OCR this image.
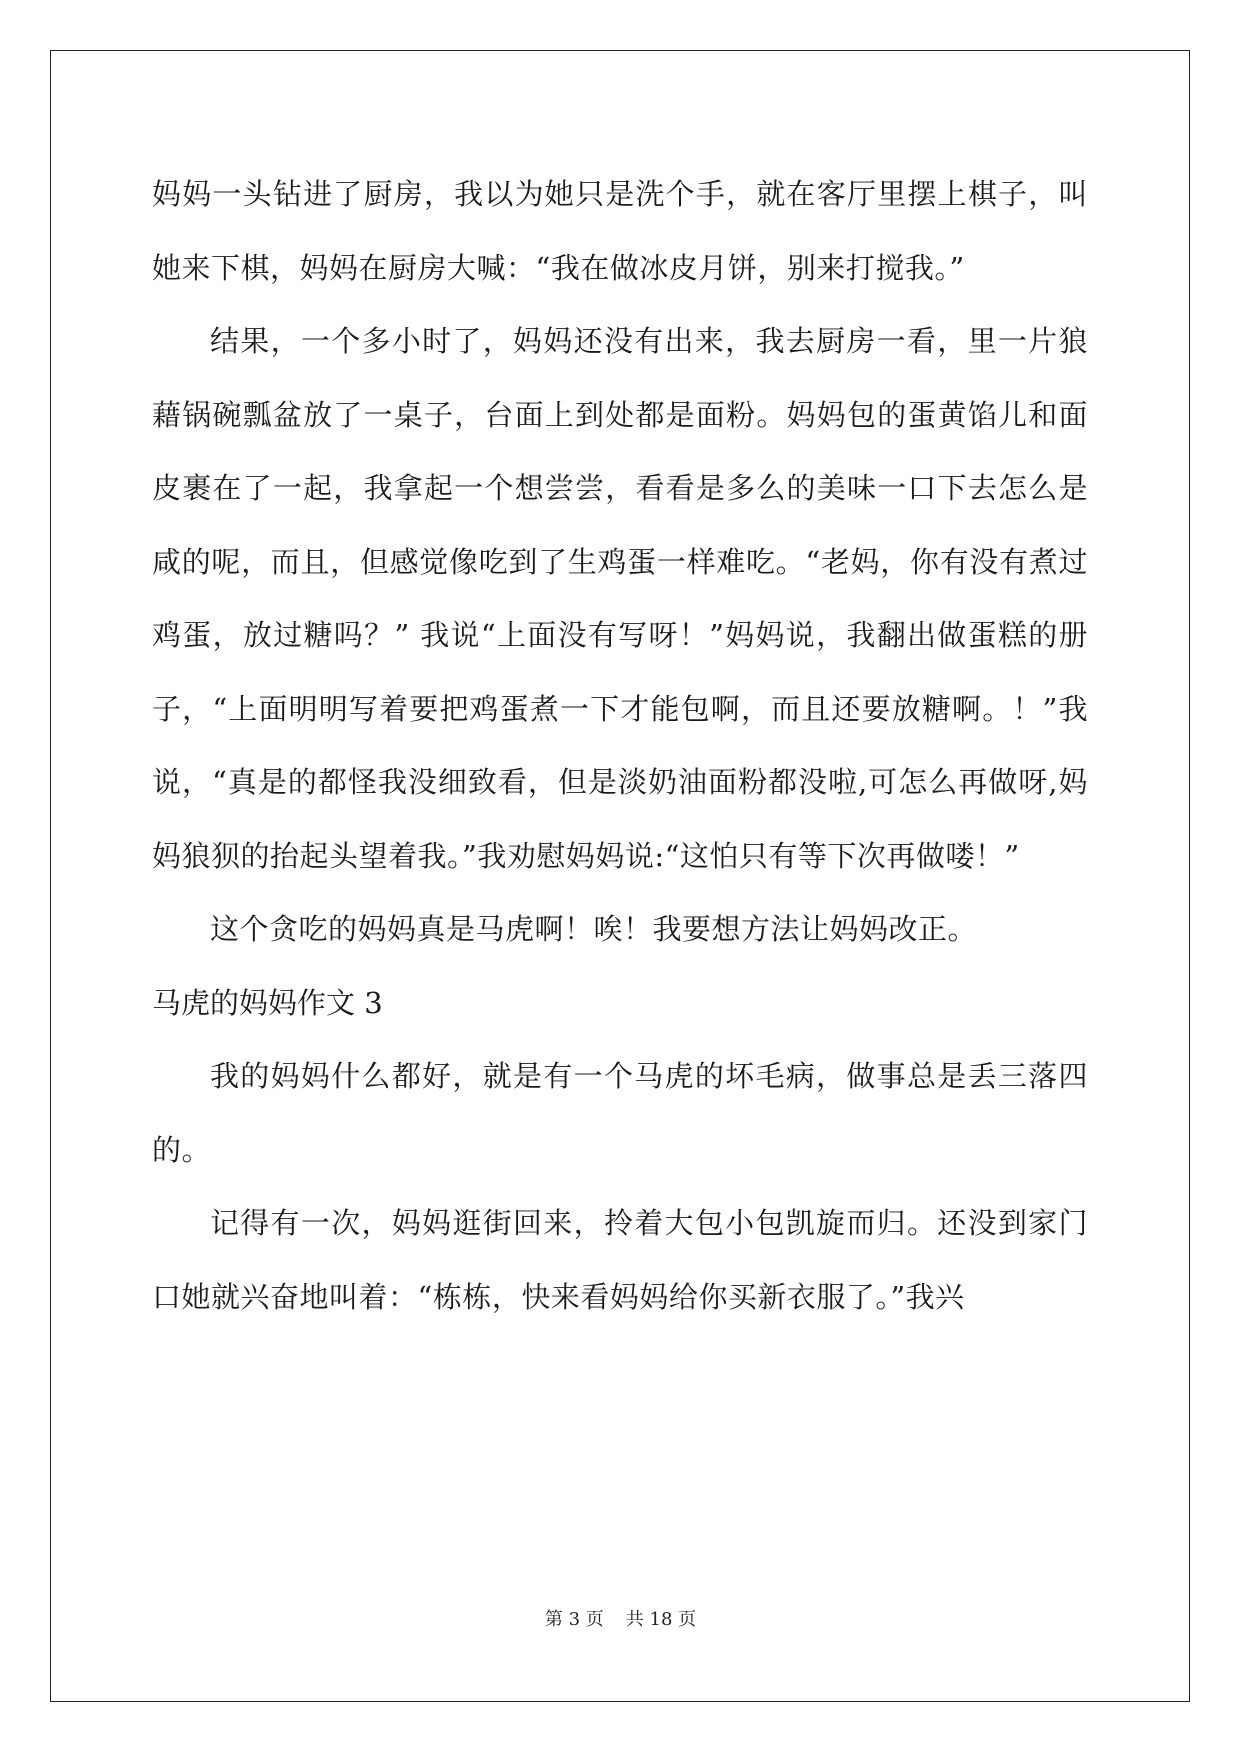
妈妈一头钻进了厨房，我以为她只是洗个手，就在客厅里摆上棋子，叫她来下棋，妈妈在厨房大喊：“我在做冰皮月饼，别来打搅我。”

结果，一个多小时了，妈妈还没有出来，我去厨房一看，里一片狼藉锅碗瓢盆放了一桌子，台面上到处都是面粉。妈妈包的蛋黄馅儿和面皮裹在了一起，我拿起一个想尝尝，看看是多么的美味一口下去怎么是咸的呢，而且，但感觉像吃到了生鸡蛋一样难吃。“老妈，你有没有煮过鸡蛋，放过糖吗？” 我说“上面没有写呀！”妈妈说，我翻出做蛋糕的册子，“上面明明写着要把鸡蛋煮一下才能包啊，而且还要放糖啊。！”我说，“真是的都怪我没细致看，但是淡奶油面粉都没啦,可怎么再做呀,妈妈狼狈的抬起头望着我。”我劝慰妈妈说:“这怕只有等下次再做喽！”

这个贪吃的妈妈真是马虎啊！唉！我要想方法让妈妈改正。

马虎的妈妈作文 3

我的妈妈什么都好，就是有一个马虎的坏毛病，做事总是丢三落四的。

记得有一次，妈妈逛街回来，拎着大包小包凯旋而归。还没到家门口她就兴奋地叫着：“栋栋，快来看妈妈给你买新衣服了。”我兴

第 3 页 共 18 页
